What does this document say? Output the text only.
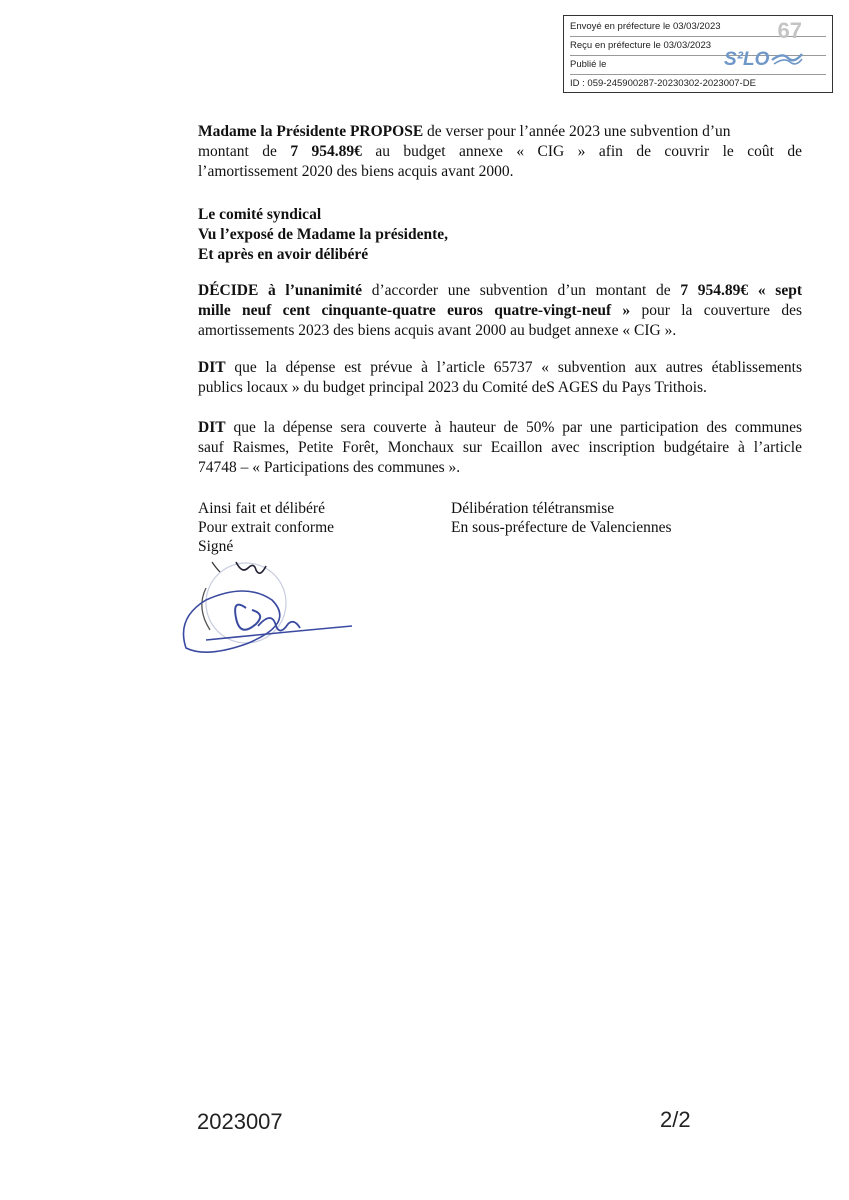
Envoyé en préfecture le 03/03/2023
Reçu en préfecture le 03/03/2023
Publié le
ID : 059-245900287-20230302-2023007-DE
67
S²LO
Madame la Présidente PROPOSE de verser pour l’année 2023 une subvention d’un
montant de 7 954.89€ au budget annexe « CIG » afin de couvrir le coût de
l’amortissement 2020 des biens acquis avant 2000.
Le comité syndical
Vu l’exposé de Madame la présidente,
Et après en avoir délibéré
DÉCIDE à l’unanimité d’accorder une subvention d’un montant de 7 954.89€ « sept
mille neuf cent cinquante-quatre euros quatre-vingt-neuf » pour la couverture des
amortissements 2023 des biens acquis avant 2000 au budget annexe « CIG ».
DIT que la dépense est prévue à l’article 65737 « subvention aux autres établissements
publics locaux » du budget principal 2023 du Comité deS AGES du Pays Trithois.
DIT que la dépense sera couverte à hauteur de 50% par une participation des communes
sauf Raismes, Petite Forêt, Monchaux sur Ecaillon avec inscription budgétaire à l’article
74748 – « Participations des communes ».
Ainsi fait et délibéré
Pour extrait conforme
Signé
Délibération télétransmise
En sous-préfecture de Valenciennes
2023007	2/2
